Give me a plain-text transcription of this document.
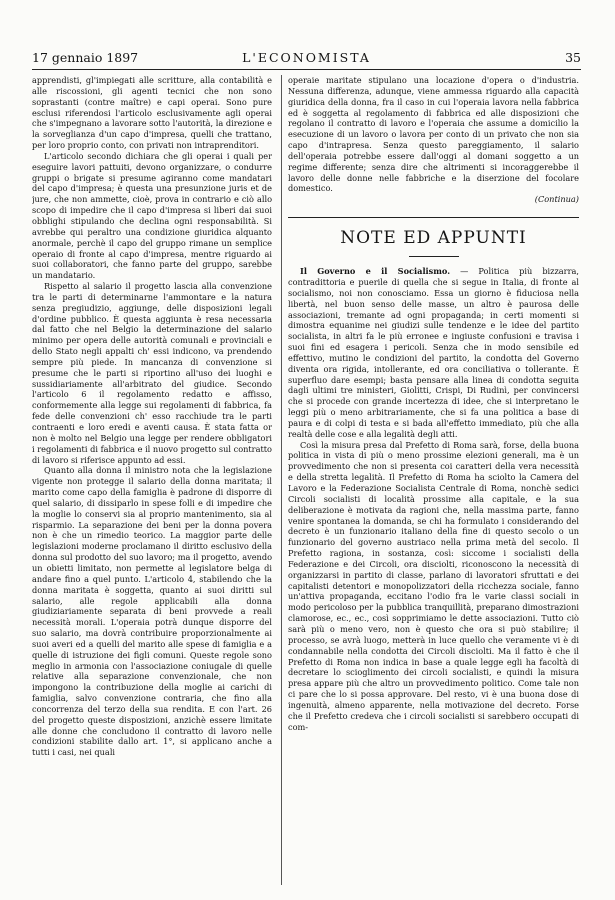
17 gennaio 1897	L'ECONOMISTA	35

apprendisti, gl'impiegati alle scritture, alla contabilità e alle riscossioni, gli agenti tecnici che non sono soprastanti (contre maître) e capi operai. Sono pure esclusi riferendosi l'articolo esclusivamente agli operai che s'impegnano a lavorare sotto l'autorità, la direzione e la sorveglianza d'un capo d'impresa, quelli che trattano, per loro proprio conto, con privati non intraprenditori.

L'articolo secondo dichiara che gli operai i quali per eseguire lavori pattuiti, devono organizzare, o condurre gruppi o brigate si presume agiranno come mandatari del capo d'impresa; è questa una presunzione juris et de jure, che non ammette, cioè, prova in contrario e ciò allo scopo di impedire che il capo d'impresa si liberi dai suoi obblighi stipulando che declina ogni responsabilità. Si avrebbe qui peraltro una condizione giuridica alquanto anormale, perchè il capo del gruppo rimane un semplice operaio di fronte al capo d'impresa, mentre riguardo ai suoi collaboratori, che fanno parte del gruppo, sarebbe un mandatario.

Rispetto al salario il progetto lascia alla convenzione tra le parti di determinarne l'ammontare e la natura senza pregiudizio, aggiunge, delle disposizioni legali d'ordine pubblico. È questa aggiunta è resa necessaria dal fatto che nel Belgio la determinazione del salario minimo per opera delle autorità comunali e provinciali e dello Stato negli appalti ch' essi indicono, va prendendo sempre più piede. In mancanza di convenzione si presume che le parti si riportino all'uso dei luoghi e sussidiariamente all'arbitrato del giudice. Secondo l'articolo 6 il regolamento redatto e affisso, conformemente alla legge sui regolamenti di fabbrica, fa fede delle convenzioni ch' esso racchiude tra le parti contraenti e loro eredi e aventi causa. È stata fatta or non è molto nel Belgio una legge per rendere obbligatori i regolamenti di fabbrica e il nuovo progetto sul contratto di lavoro si riferisce appunto ad essi.

Quanto alla donna il ministro nota che la legislazione vigente non protegge il salario della donna maritata; il marito come capo della famiglia è padrone di disporre di quel salario, di dissiparlo in spese folli e di impedire che la moglie lo conservi sia al proprio mantenimento, sia al risparmio. La separazione dei beni per la donna povera non è che un rimedio teorico. La maggior parte delle legislazioni moderne proclamano il diritto esclusivo della donna sul prodotto del suo lavoro; ma il progetto, avendo un obietti limitato, non permette al legislatore belga di andare fino a quel punto. L'articolo 4, stabilendo che la donna maritata è soggetta, quanto ai suoi diritti sul salario, alle regole applicabili alla donna giudiziariamente separata di beni provvede a reali necessità morali. L'operaia potrà dunque disporre del suo salario, ma dovrà contribuire proporzionalmente ai suoi averi ed a quelli del marito alle spese di famiglia e a quelle di istruzione dei figli comuni. Queste regole sono meglio in armonia con l'associazione coniugale di quelle relative alla separazione convenzionale, che non impongono la contribuzione della moglie ai carichi di famiglia, salvo convenzione contraria, che fino alla concorrenza del terzo della sua rendita. E con l'art. 26 del progetto queste disposizioni, anzichè essere limitate alle donne che concludono il contratto di lavoro nelle condizioni stabilite dallo art. 1°, si applicano anche a tutti i casi, nei quali

operaie maritate stipulano una locazione d'opera o d'industria. Nessuna differenza, adunque, viene ammessa riguardo alla capacità giuridica della donna, fra il caso in cui l'operaia lavora nella fabbrica ed è soggetta al regolamento di fabbrica ed alle disposizioni che regolano il contratto di lavoro e l'operaia che assume a domicilio la esecuzione di un lavoro o lavora per conto di un privato che non sia capo d'intrapresa. Senza questo pareggiamento, il salario dell'operaia potrebbe essere dall'oggi al domani soggetto a un regime differente; senza dire che altrimenti si incoraggerebbe il lavoro delle donne nelle fabbriche e la diserzione del focolare domestico.

(Continua)

NOTE ED APPUNTI

Il Governo e il Socialismo. — Politica più bizzarra, contradittoria e puerile di quella che si segue in Italia, di fronte al socialismo, noi non conosciamo. Essa un giorno è fiduciosa nella libertà, nel buon senso delle masse, un altro è paurosa delle associazioni, tremante ad ogni propaganda; in certi momenti si dimostra equanime nei giudizi sulle tendenze e le idee del partito socialista, in altri fa le più erronee e ingiuste confusioni e travisa i suoi fini ed esagera i pericoli. Senza che in modo sensibile ed effettivo, mutino le condizioni del partito, la condotta del Governo diventa ora rigida, intollerante, ed ora conciliativa o tollerante. È superfluo dare esempi; basta pensare alla linea di condotta seguita dagli ultimi tre ministeri, Giolitti, Crispi, Di Rudinì, per convincersi che si procede con grande incertezza di idee, che si interpretano le leggi più o meno arbitrariamente, che si fa una politica a base di paura e di colpi di testa e si bada all'effetto immediato, più che alla realtà delle cose e alla legalità degli atti.

Così la misura presa dal Prefetto di Roma sarà, forse, della buona politica in vista di più o meno prossime elezioni generali, ma è un provvedimento che non si presenta coi caratteri della vera necessità e della stretta legalità. Il Prefetto di Roma ha sciolto la Camera del Lavoro e la Federazione Socialista Centrale di Roma, nonchè sedici Circoli socialisti di località prossime alla capitale, e la sua deliberazione è motivata da ragioni che, nella massima parte, fanno venire spontanea la domanda, se chi ha formulato i considerando del decreto è un funzionario italiano della fine di questo secolo o un funzionario del governo austriaco nella prima metà del secolo. Il Prefetto ragiona, in sostanza, così: siccome i socialisti della Federazione e dei Circoli, ora disciolti, riconoscono la necessità di organizzarsi in partito di classe, parlano di lavoratori sfruttati e dei capitalisti detentori e monopolizzatori della ricchezza sociale, fanno un'attiva propaganda, eccitano l'odio fra le varie classi sociali in modo pericoloso per la pubblica tranquillità, preparano dimostrazioni clamorose, ec., ec., così sopprimiamo le dette associazioni. Tutto ciò sarà più o meno vero, non è questo che ora si può stabilire; il processo, se avrà luogo, metterà in luce quello che veramente vi è di condannabile nella condotta dei Circoli disciolti. Ma il fatto è che il Prefetto di Roma non indica in base a quale legge egli ha facoltà di decretare lo scioglimento dei circoli socialisti, e quindi la misura presa appare più che altro un provvedimento politico. Come tale non ci pare che lo si possa approvare. Del resto, vi è una buona dose di ingenuità, almeno apparente, nella motivazione del decreto. Forse che il Prefetto credeva che i circoli socialisti si sarebbero occupati di com-
